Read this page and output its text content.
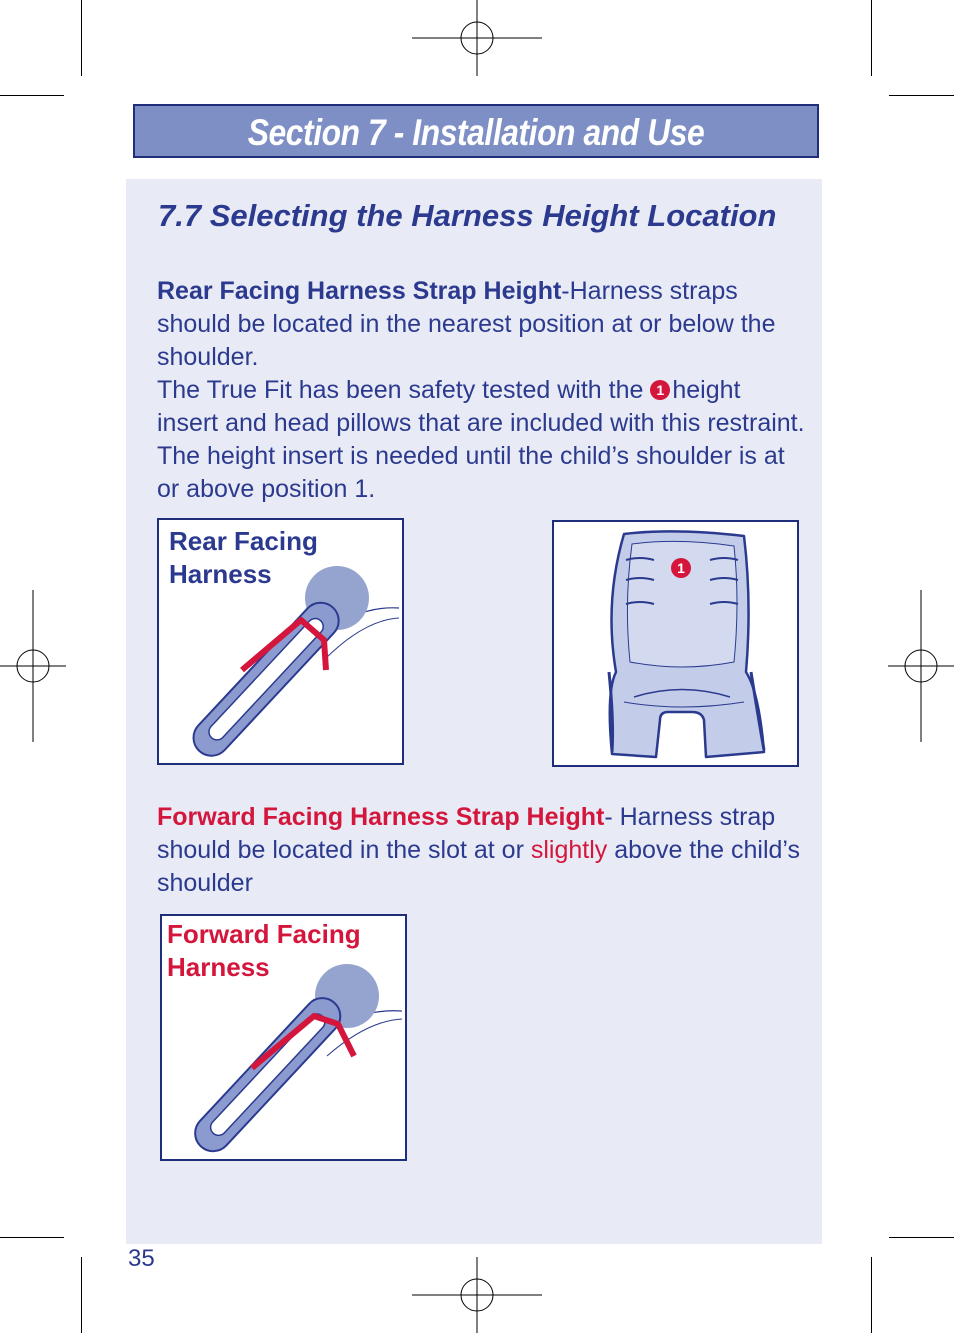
Section 7 - Installation and Use
7.7 Selecting the Harness Height Location
Rear Facing Harness Strap Height-Harness straps should be located in the nearest position at or below the shoulder.
The True Fit has been safety tested with the 1 height insert and head pillows that are included with this restraint. The height insert is needed until the child’s shoulder is at or above position 1.
Rear Facing
Harness	1
Forward Facing Harness Strap Height- Harness strap should be located in the slot at or slightly above the child’s shoulder
Forward Facing
Harness
35
